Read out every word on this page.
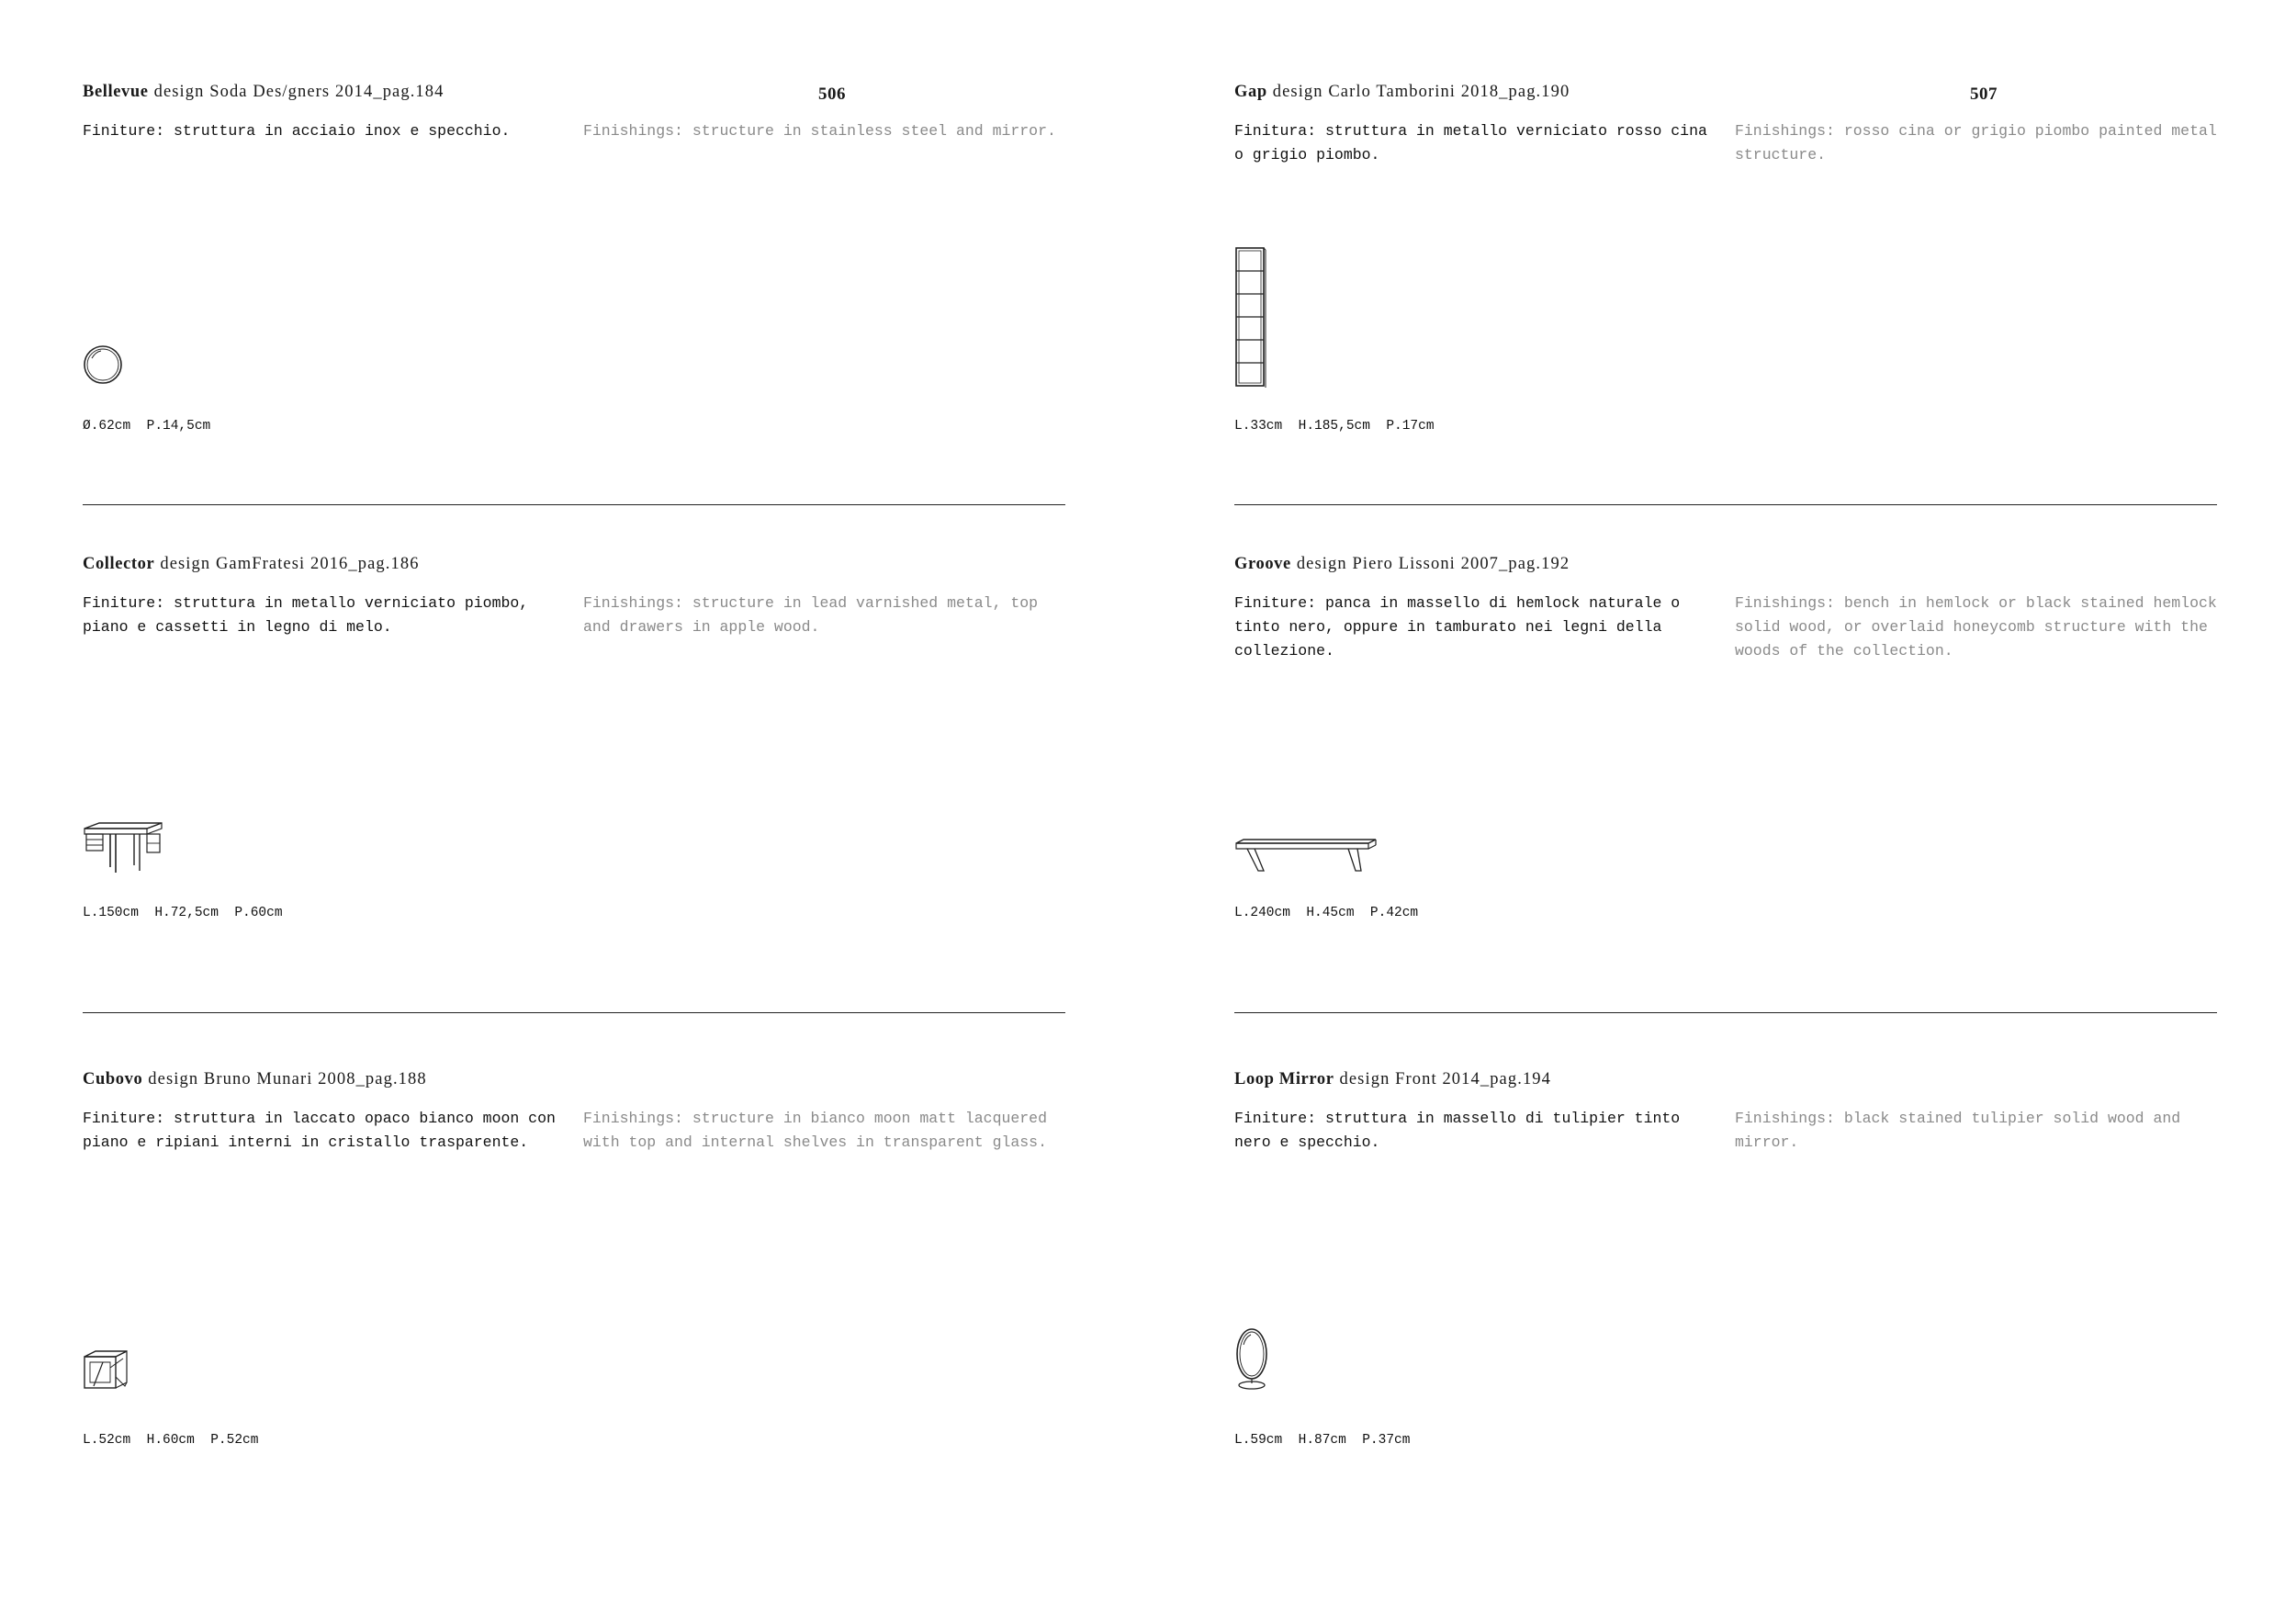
506	507
Bellevue design Soda Des/gners 2014_pag.184
Finiture: struttura in acciaio inox e specchio.	Finishings: structure in stainless steel and mirror.
Ø.62cm  P.14,5cm
Gap design Carlo Tamborini 2018_pag.190
Finitura: struttura in metallo verniciato rosso cina o grigio piombo.
Finishings: rosso cina or grigio piombo painted metal structure.
L.33cm  H.185,5cm  P.17cm
Collector design GamFratesi 2016_pag.186
Finiture: struttura in metallo verniciato piombo, piano e cassetti in legno di melo.
Finishings: structure in lead varnished metal, top and drawers in apple wood.
L.150cm  H.72,5cm  P.60cm
Groove design Piero Lissoni 2007_pag.192
Finiture: panca in massello di hemlock naturale o tinto nero, oppure in tamburato nei legni della collezione.
Finishings: bench in hemlock or black stained hemlock solid wood, or overlaid honeycomb structure with the woods of the collection.
L.240cm  H.45cm  P.42cm
Cubovo design Bruno Munari 2008_pag.188
Finiture: struttura in laccato opaco bianco moon con piano e ripiani interni in cristallo trasparente.
Finishings: structure in bianco moon matt lacquered with top and internal shelves in transparent glass.
L.52cm  H.60cm  P.52cm
Loop Mirror design Front 2014_pag.194
Finiture: struttura in massello di tulipier tinto nero e specchio.
Finishings: black stained tulipier solid wood and mirror.
L.59cm  H.87cm  P.37cm
